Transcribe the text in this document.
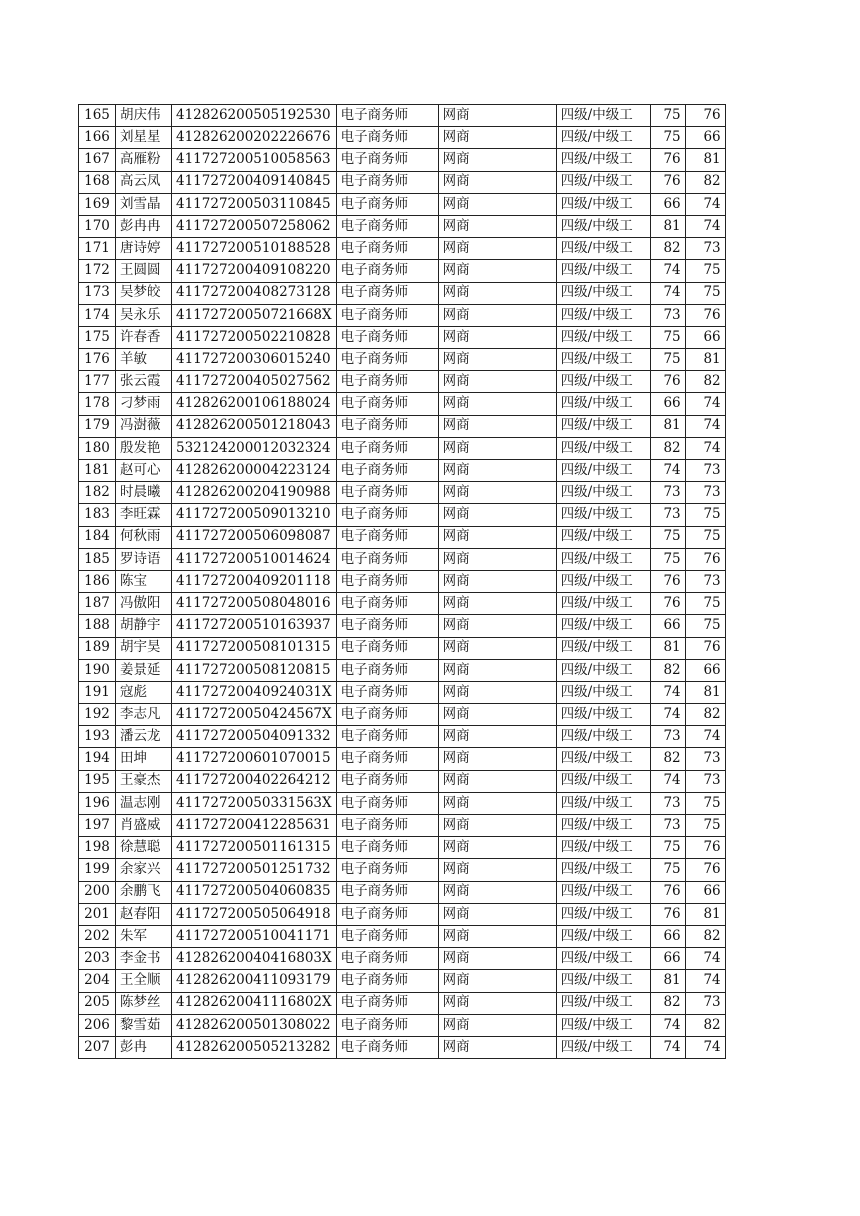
165	胡庆伟	412826200505192530	电子商务师	网商	四级/中级工	75	76
166	刘星星	412826200202226676	电子商务师	网商	四级/中级工	75	66
167	高雁粉	411727200510058563	电子商务师	网商	四级/中级工	76	81
168	高云凤	411727200409140845	电子商务师	网商	四级/中级工	76	82
169	刘雪晶	411727200503110845	电子商务师	网商	四级/中级工	66	74
170	彭冉冉	411727200507258062	电子商务师	网商	四级/中级工	81	74
171	唐诗婷	411727200510188528	电子商务师	网商	四级/中级工	82	73
172	王圆圆	411727200409108220	电子商务师	网商	四级/中级工	74	75
173	吴梦皎	411727200408273128	电子商务师	网商	四级/中级工	74	75
174	吴永乐	41172720050721668X	电子商务师	网商	四级/中级工	73	76
175	许春香	411727200502210828	电子商务师	网商	四级/中级工	75	66
176	羊敏	411727200306015240	电子商务师	网商	四级/中级工	75	81
177	张云霞	411727200405027562	电子商务师	网商	四级/中级工	76	82
178	刁梦雨	412826200106188024	电子商务师	网商	四级/中级工	66	74
179	冯澍薇	412826200501218043	电子商务师	网商	四级/中级工	81	74
180	殷发艳	532124200012032324	电子商务师	网商	四级/中级工	82	74
181	赵可心	412826200004223124	电子商务师	网商	四级/中级工	74	73
182	时晨曦	412826200204190988	电子商务师	网商	四级/中级工	73	73
183	李旺霖	411727200509013210	电子商务师	网商	四级/中级工	73	75
184	何秋雨	411727200506098087	电子商务师	网商	四级/中级工	75	75
185	罗诗语	411727200510014624	电子商务师	网商	四级/中级工	75	76
186	陈宝	411727200409201118	电子商务师	网商	四级/中级工	76	73
187	冯傲阳	411727200508048016	电子商务师	网商	四级/中级工	76	75
188	胡静宇	411727200510163937	电子商务师	网商	四级/中级工	66	75
189	胡宇昊	411727200508101315	电子商务师	网商	四级/中级工	81	76
190	姜景延	411727200508120815	电子商务师	网商	四级/中级工	82	66
191	寇彪	41172720040924031X	电子商务师	网商	四级/中级工	74	81
192	李志凡	41172720050424567X	电子商务师	网商	四级/中级工	74	82
193	潘云龙	411727200504091332	电子商务师	网商	四级/中级工	73	74
194	田坤	411727200601070015	电子商务师	网商	四级/中级工	82	73
195	王豪杰	411727200402264212	电子商务师	网商	四级/中级工	74	73
196	温志刚	41172720050331563X	电子商务师	网商	四级/中级工	73	75
197	肖盛威	411727200412285631	电子商务师	网商	四级/中级工	73	75
198	徐慧聪	411727200501161315	电子商务师	网商	四级/中级工	75	76
199	余家兴	411727200501251732	电子商务师	网商	四级/中级工	75	76
200	余鹏飞	411727200504060835	电子商务师	网商	四级/中级工	76	66
201	赵春阳	411727200505064918	电子商务师	网商	四级/中级工	76	81
202	朱军	411727200510041171	电子商务师	网商	四级/中级工	66	82
203	李金书	41282620040416803X	电子商务师	网商	四级/中级工	66	74
204	王全顺	412826200411093179	电子商务师	网商	四级/中级工	81	74
205	陈梦丝	41282620041116802X	电子商务师	网商	四级/中级工	82	73
206	黎雪茹	412826200501308022	电子商务师	网商	四级/中级工	74	82
207	彭冉	412826200505213282	电子商务师	网商	四级/中级工	74	74
